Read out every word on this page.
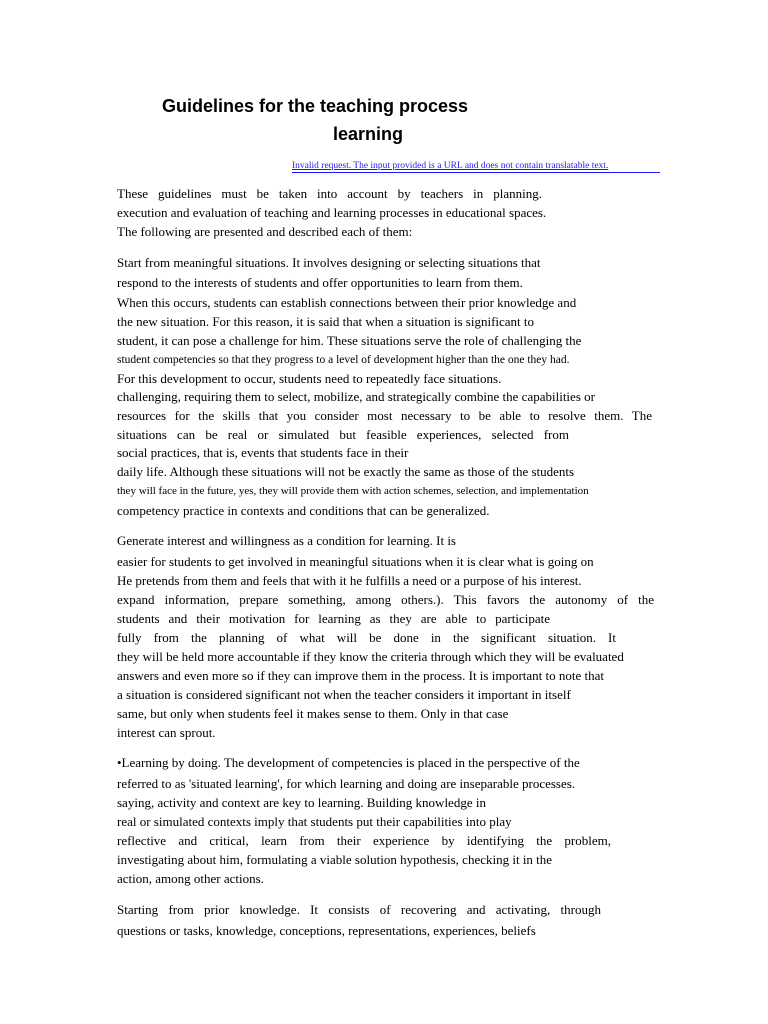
Guidelines for the teaching process
learning
Invalid request. The input provided is a URL and does not contain translatable text.
These guidelines must be taken into account by teachers in planning.
execution and evaluation of teaching and learning processes in educational spaces.
The following are presented and described each of them:
Start from meaningful situations. It involves designing or selecting situations that
respond to the interests of students and offer opportunities to learn from them.
When this occurs, students can establish connections between their prior knowledge and
the new situation. For this reason, it is said that when a situation is significant to
student, it can pose a challenge for him. These situations serve the role of challenging the
student competencies so that they progress to a level of development higher than the one they had.
For this development to occur, students need to repeatedly face situations.
challenging, requiring them to select, mobilize, and strategically combine the capabilities or
resources for the skills that you consider most necessary to be able to resolve them. The
situations can be real or simulated but feasible experiences, selected from
social practices, that is, events that students face in their
daily life. Although these situations will not be exactly the same as those of the students
they will face in the future, yes, they will provide them with action schemes, selection, and implementation
competency practice in contexts and conditions that can be generalized.
Generate interest and willingness as a condition for learning. It is
easier for students to get involved in meaningful situations when it is clear what is going on
He pretends from them and feels that with it he fulfills a need or a purpose of his interest.
expand information, prepare something, among others.). This favors the autonomy of the
students and their motivation for learning as they are able to participate
fully from the planning of what will be done in the significant situation. It
they will be held more accountable if they know the criteria through which they will be evaluated
answers and even more so if they can improve them in the process. It is important to note that
a situation is considered significant not when the teacher considers it important in itself
same, but only when students feel it makes sense to them. Only in that case
interest can sprout.
•Learning by doing. The development of competencies is placed in the perspective of the
referred to as 'situated learning', for which learning and doing are inseparable processes.
saying, activity and context are key to learning. Building knowledge in
real or simulated contexts imply that students put their capabilities into play
reflective and critical, learn from their experience by identifying the problem,
investigating about him, formulating a viable solution hypothesis, checking it in the
action, among other actions.
Starting from prior knowledge. It consists of recovering and activating, through
questions or tasks, knowledge, conceptions, representations, experiences, beliefs
